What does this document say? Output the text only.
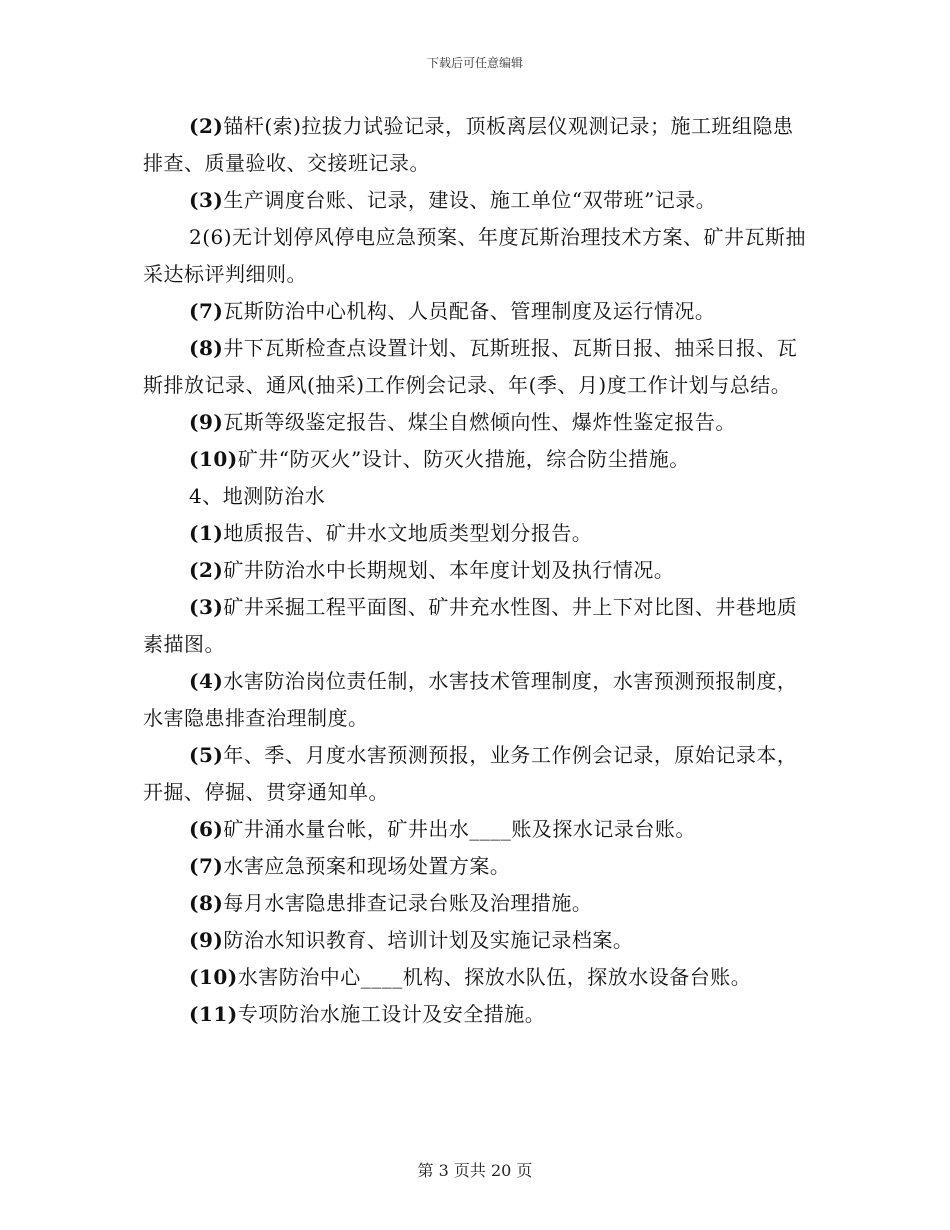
下载后可任意编辑

(2)锚杆(索)拉拔力试验记录，顶板离层仪观测记录；施工班组隐患排查、质量验收、交接班记录。

(3)生产调度台账、记录，建设、施工单位“双带班”记录。

2(6)无计划停风停电应急预案、年度瓦斯治理技术方案、矿井瓦斯抽采达标评判细则。

(7)瓦斯防治中心机构、人员配备、管理制度及运行情况。

(8)井下瓦斯检查点设置计划、瓦斯班报、瓦斯日报、抽采日报、瓦斯排放记录、通风(抽采)工作例会记录、年(季、月)度工作计划与总结。

(9)瓦斯等级鉴定报告、煤尘自燃倾向性、爆炸性鉴定报告。

(10)矿井“防灭火”设计、防灭火措施，综合防尘措施。

4、地测防治水

(1)地质报告、矿井水文地质类型划分报告。

(2)矿井防治水中长期规划、本年度计划及执行情况。

(3)矿井采掘工程平面图、矿井充水性图、井上下对比图、井巷地质素描图。

(4)水害防治岗位责任制，水害技术管理制度，水害预测预报制度，水害隐患排查治理制度。

(5)年、季、月度水害预测预报，业务工作例会记录，原始记录本，开掘、停掘、贯穿通知单。

(6)矿井涌水量台帐，矿井出水____账及探水记录台账。

(7)水害应急预案和现场处置方案。

(8)每月水害隐患排查记录台账及治理措施。

(9)防治水知识教育、培训计划及实施记录档案。

(10)水害防治中心____机构、探放水队伍，探放水设备台账。

(11)专项防治水施工设计及安全措施。

第 3 页共 20 页
